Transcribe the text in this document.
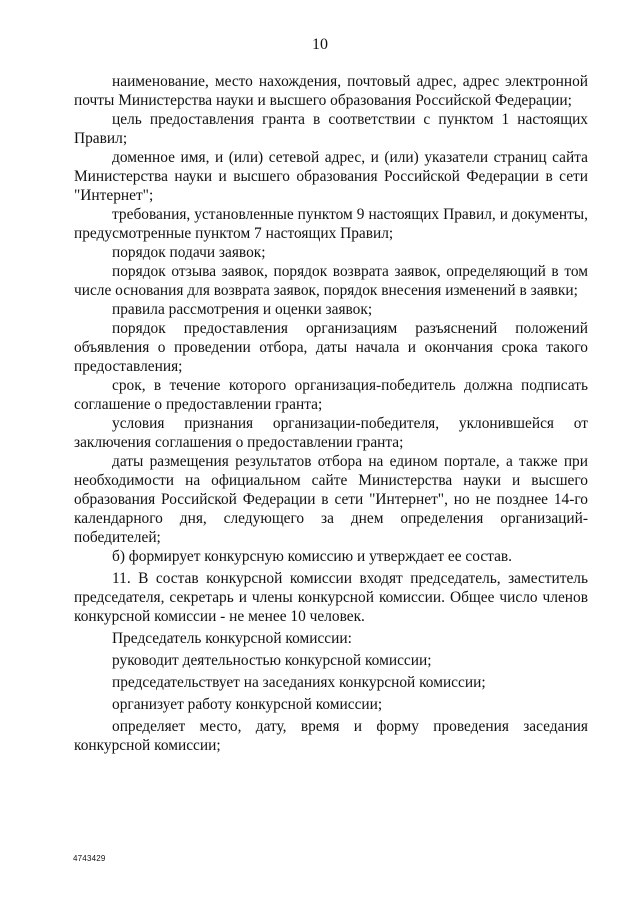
10

наименование, место нахождения, почтовый адрес, адрес электронной почты Министерства науки и высшего образования Российской Федерации;

цель предоставления гранта в соответствии с пунктом 1 настоящих Правил;

доменное имя, и (или) сетевой адрес, и (или) указатели страниц сайта Министерства науки и высшего образования Российской Федерации в сети "Интернет";

требования, установленные пунктом 9 настоящих Правил, и документы, предусмотренные пунктом 7 настоящих Правил;

порядок подачи заявок;

порядок отзыва заявок, порядок возврата заявок, определяющий в том числе основания для возврата заявок, порядок внесения изменений в заявки;

правила рассмотрения и оценки заявок;

порядок предоставления организациям разъяснений положений объявления о проведении отбора, даты начала и окончания срока такого предоставления;

срок, в течение которого организация-победитель должна подписать соглашение о предоставлении гранта;

условия признания организации-победителя, уклонившейся от заключения соглашения о предоставлении гранта;

даты размещения результатов отбора на едином портале, а также при необходимости на официальном сайте Министерства науки и высшего образования Российской Федерации в сети "Интернет", но не позднее 14-го календарного дня, следующего за днем определения организаций-победителей;

б) формирует конкурсную комиссию и утверждает ее состав.

11. В состав конкурсной комиссии входят председатель, заместитель председателя, секретарь и члены конкурсной комиссии. Общее число членов конкурсной комиссии - не менее 10 человек.

Председатель конкурсной комиссии:

руководит деятельностью конкурсной комиссии;

председательствует на заседаниях конкурсной комиссии;

организует работу конкурсной комиссии;

определяет место, дату, время и форму проведения заседания конкурсной комиссии;

4743429
